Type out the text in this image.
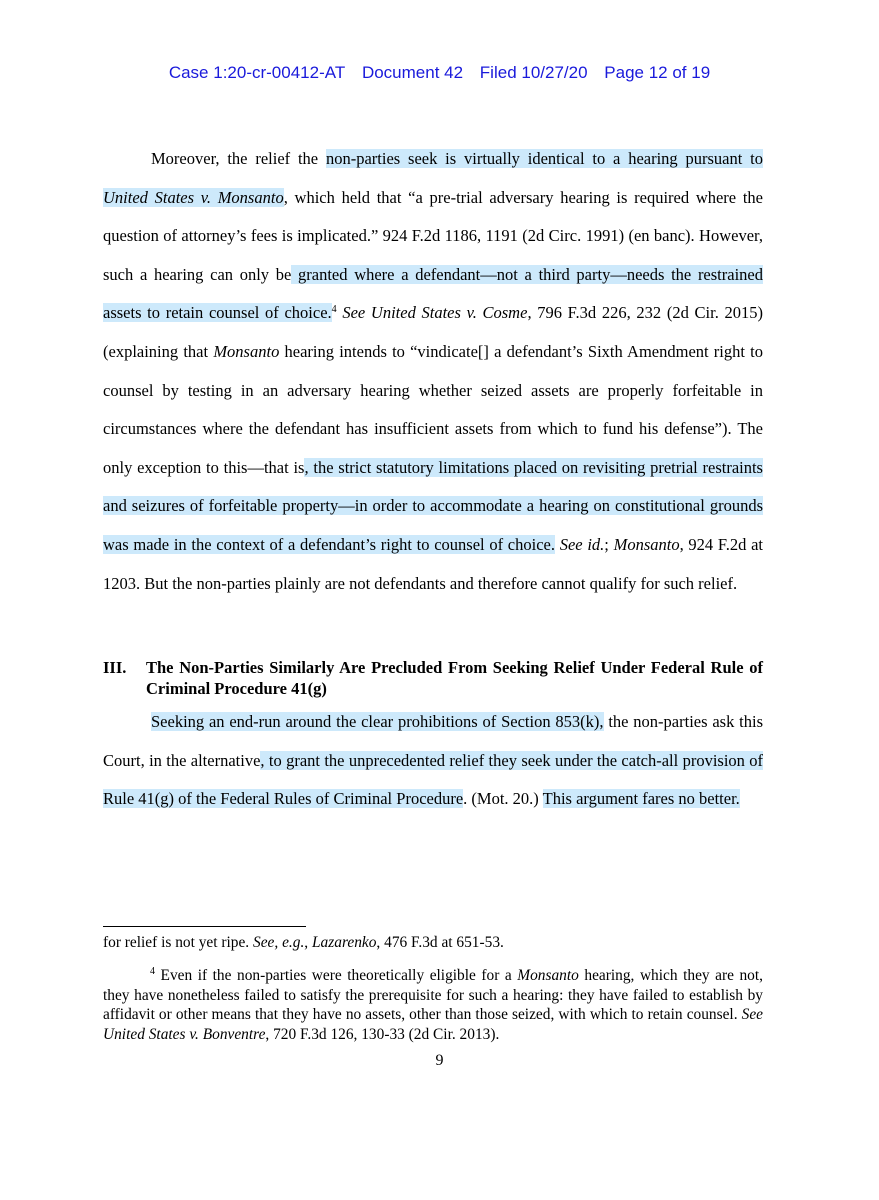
Case 1:20-cr-00412-AT Document 42 Filed 10/27/20 Page 12 of 19
Moreover, the relief the non-parties seek is virtually identical to a hearing pursuant to United States v. Monsanto, which held that “a pre-trial adversary hearing is required where the question of attorney’s fees is implicated.” 924 F.2d 1186, 1191 (2d Circ. 1991) (en banc). However, such a hearing can only be granted where a defendant—not a third party—needs the restrained assets to retain counsel of choice.$^4$ See United States v. Cosme, 796 F.3d 226, 232 (2d Cir. 2015) (explaining that Monsanto hearing intends to “vindicate[] a defendant’s Sixth Amendment right to counsel by testing in an adversary hearing whether seized assets are properly forfeitable in circumstances where the defendant has insufficient assets from which to fund his defense”). The only exception to this—that is, the strict statutory limitations placed on revisiting pretrial restraints and seizures of forfeitable property—in order to accommodate a hearing on constitutional grounds was made in the context of a defendant’s right to counsel of choice. See id.; Monsanto, 924 F.2d at 1203. But the non-parties plainly are not defendants and therefore cannot qualify for such relief.
III.	The Non-Parties Similarly Are Precluded From Seeking Relief Under Federal Rule of Criminal Procedure 41(g)
Seeking an end-run around the clear prohibitions of Section 853(k), the non-parties ask this Court, in the alternative, to grant the unprecedented relief they seek under the catch-all provision of Rule 41(g) of the Federal Rules of Criminal Procedure. (Mot. 20.) This argument fares no better.
for relief is not yet ripe. See, e.g., Lazarenko, 476 F.3d at 651-53.
$^4$ Even if the non-parties were theoretically eligible for a Monsanto hearing, which they are not, they have nonetheless failed to satisfy the prerequisite for such a hearing: they have failed to establish by affidavit or other means that they have no assets, other than those seized, with which to retain counsel. See United States v. Bonventre, 720 F.3d 126, 130-33 (2d Cir. 2013).
9
